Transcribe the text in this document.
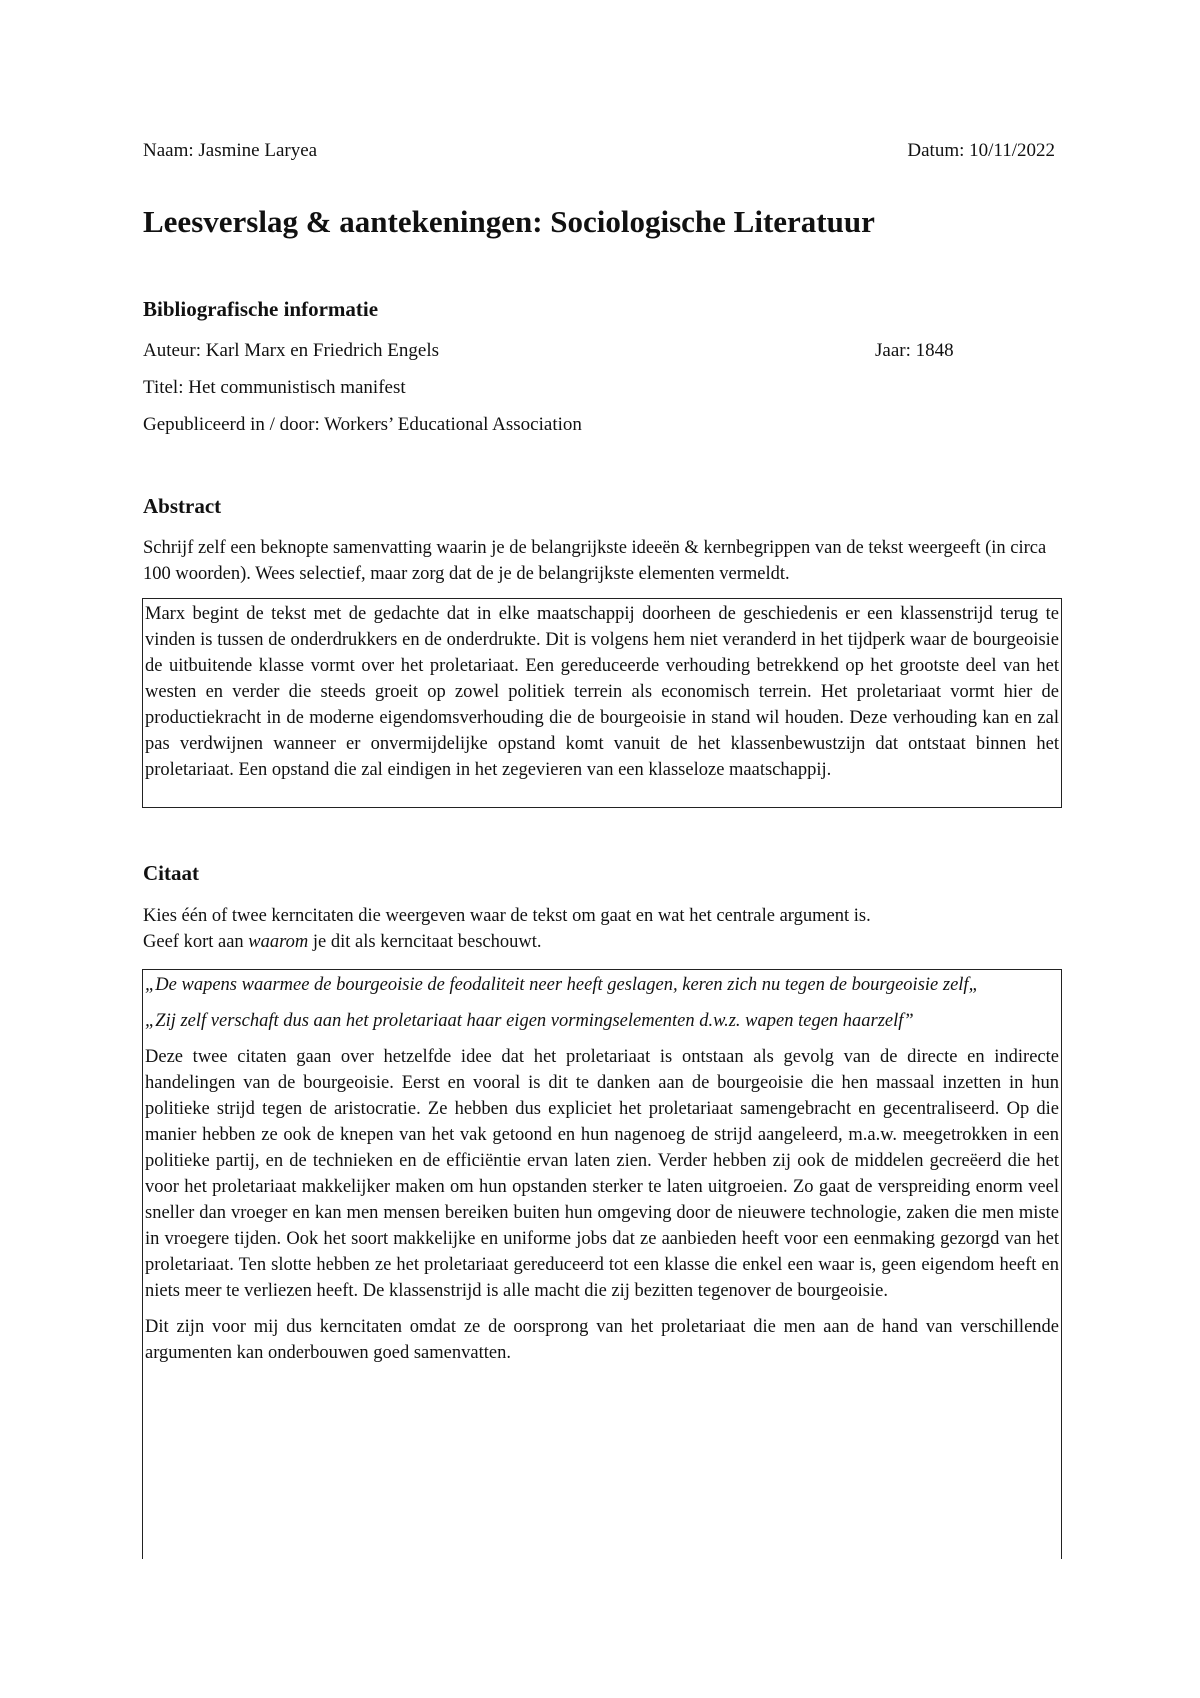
Naam: Jasmine Laryea	Datum: 10/11/2022
Leesverslag & aantekeningen: Sociologische Literatuur
Bibliografische informatie
Auteur: Karl Marx en Friedrich Engels	Jaar: 1848
Titel: Het communistisch manifest
Gepubliceerd in / door: Workers’ Educational Association
Abstract
Schrijf zelf een beknopte samenvatting waarin je de belangrijkste ideeën & kernbegrippen van de tekst weergeeft (in circa 100 woorden). Wees selectief, maar zorg dat de je de belangrijkste elementen vermeldt.
Marx begint de tekst met de gedachte dat in elke maatschappij doorheen de geschiedenis er een klassenstrijd terug te vinden is tussen de onderdrukkers en de onderdrukte. Dit is volgens hem niet veranderd in het tijdperk waar de bourgeoisie de uitbuitende klasse vormt over het proletariaat. Een gereduceerde verhouding betrekkend op het grootste deel van het westen en verder die steeds groeit op zowel politiek terrein als economisch terrein. Het proletariaat vormt hier de productiekracht in de moderne eigendomsverhouding die de bourgeoisie in stand wil houden. Deze verhouding kan en zal pas verdwijnen wanneer er onvermijdelijke opstand komt vanuit de het klassenbewustzijn dat ontstaat binnen het proletariaat. Een opstand die zal eindigen in het zegevieren van een klasseloze maatschappij.
Citaat
Kies één of twee kerncitaten die weergeven waar de tekst om gaat en wat het centrale argument is.
Geef kort aan waarom je dit als kerncitaat beschouwt.

„De wapens waarmee de bourgeoisie de feodaliteit neer heeft geslagen, keren zich nu tegen de bourgeoisie zelf„

„Zij zelf verschaft dus aan het proletariaat haar eigen vormingselementen d.w.z. wapen tegen haarzelf”

Deze twee citaten gaan over hetzelfde idee dat het proletariaat is ontstaan als gevolg van de directe en indirecte handelingen van de bourgeoisie. Eerst en vooral is dit te danken aan de bourgeoisie die hen massaal inzetten in hun politieke strijd tegen de aristocratie. Ze hebben dus expliciet het proletariaat samengebracht en gecentraliseerd. Op die manier hebben ze ook de knepen van het vak getoond en hun nagenoeg de strijd aangeleerd, m.a.w. meegetrokken in een politieke partij, en de technieken en de efficiëntie ervan laten zien. Verder hebben zij ook de middelen gecreëerd die het voor het proletariaat makkelijker maken om hun opstanden sterker te laten uitgroeien. Zo gaat de verspreiding enorm veel sneller dan vroeger en kan men mensen bereiken buiten hun omgeving door de nieuwere technologie, zaken die men miste in vroegere tijden. Ook het soort makkelijke en uniforme jobs dat ze aanbieden heeft voor een eenmaking gezorgd van het proletariaat. Ten slotte hebben ze het proletariaat gereduceerd tot een klasse die enkel een waar is, geen eigendom heeft en niets meer te verliezen heeft. De klassenstrijd is alle macht die zij bezitten tegenover de bourgeoisie.

Dit zijn voor mij dus kerncitaten omdat ze de oorsprong van het proletariaat die men aan de hand van verschillende argumenten kan onderbouwen goed samenvatten.
